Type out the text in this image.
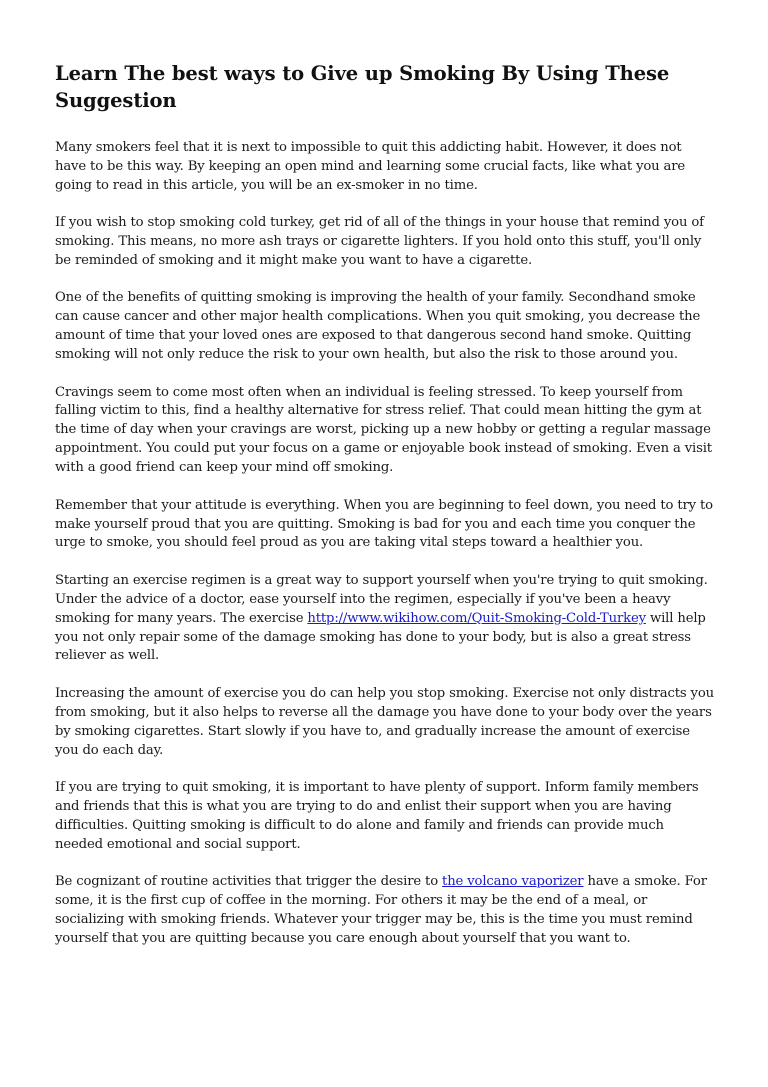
Learn The best ways to Give up Smoking By Using These Suggestion

Many smokers feel that it is next to impossible to quit this addicting habit. However, it does not have to be this way. By keeping an open mind and learning some crucial facts, like what you are going to read in this article, you will be an ex-smoker in no time.

If you wish to stop smoking cold turkey, get rid of all of the things in your house that remind you of smoking. This means, no more ash trays or cigarette lighters. If you hold onto this stuff, you'll only be reminded of smoking and it might make you want to have a cigarette.

One of the benefits of quitting smoking is improving the health of your family. Secondhand smoke can cause cancer and other major health complications. When you quit smoking, you decrease the amount of time that your loved ones are exposed to that dangerous second hand smoke. Quitting smoking will not only reduce the risk to your own health, but also the risk to those around you.

Cravings seem to come most often when an individual is feeling stressed. To keep yourself from falling victim to this, find a healthy alternative for stress relief. That could mean hitting the gym at the time of day when your cravings are worst, picking up a new hobby or getting a regular massage appointment. You could put your focus on a game or enjoyable book instead of smoking. Even a visit with a good friend can keep your mind off smoking.

Remember that your attitude is everything. When you are beginning to feel down, you need to try to make yourself proud that you are quitting. Smoking is bad for you and each time you conquer the urge to smoke, you should feel proud as you are taking vital steps toward a healthier you.

Starting an exercise regimen is a great way to support yourself when you're trying to quit smoking. Under the advice of a doctor, ease yourself into the regimen, especially if you've been a heavy smoking for many years. The exercise http://www.wikihow.com/Quit-Smoking-Cold-Turkey will help you not only repair some of the damage smoking has done to your body, but is also a great stress reliever as well.

Increasing the amount of exercise you do can help you stop smoking. Exercise not only distracts you from smoking, but it also helps to reverse all the damage you have done to your body over the years by smoking cigarettes. Start slowly if you have to, and gradually increase the amount of exercise you do each day.

If you are trying to quit smoking, it is important to have plenty of support. Inform family members and friends that this is what you are trying to do and enlist their support when you are having difficulties. Quitting smoking is difficult to do alone and family and friends can provide much needed emotional and social support.

Be cognizant of routine activities that trigger the desire to the volcano vaporizer have a smoke. For some, it is the first cup of coffee in the morning. For others it may be the end of a meal, or socializing with smoking friends. Whatever your trigger may be, this is the time you must remind yourself that you are quitting because you care enough about yourself that you want to.
